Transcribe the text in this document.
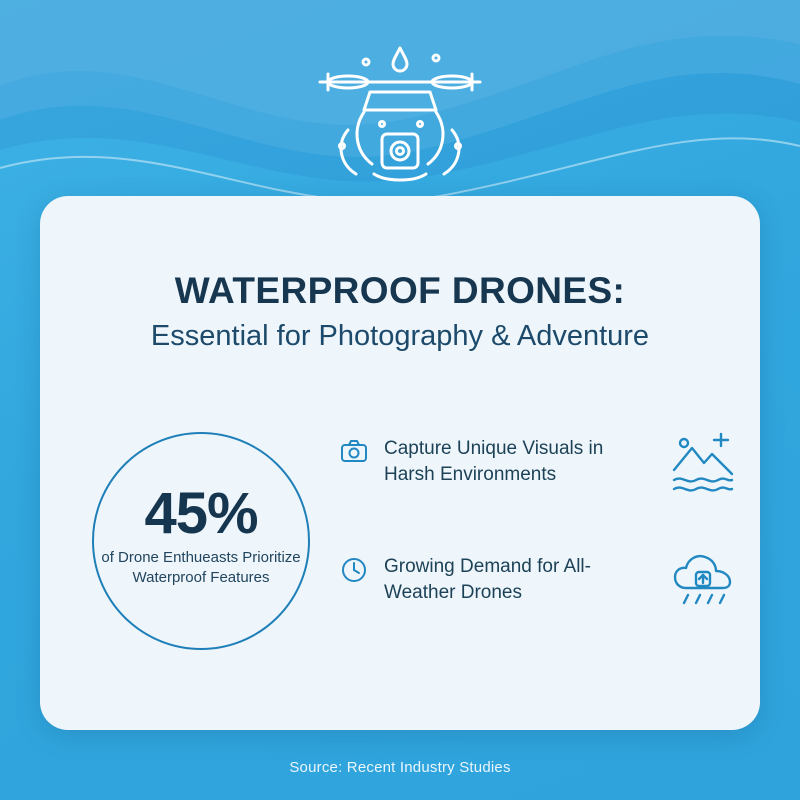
WATERPROOF DRONES:
Essential for Photography & Adventure
45%
of Drone Enthueasts Prioritize Waterproof Features
Capture Unique Visuals in Harsh Environments
Growing Demand for All-Weather Drones
Source: Recent Industry Studies
